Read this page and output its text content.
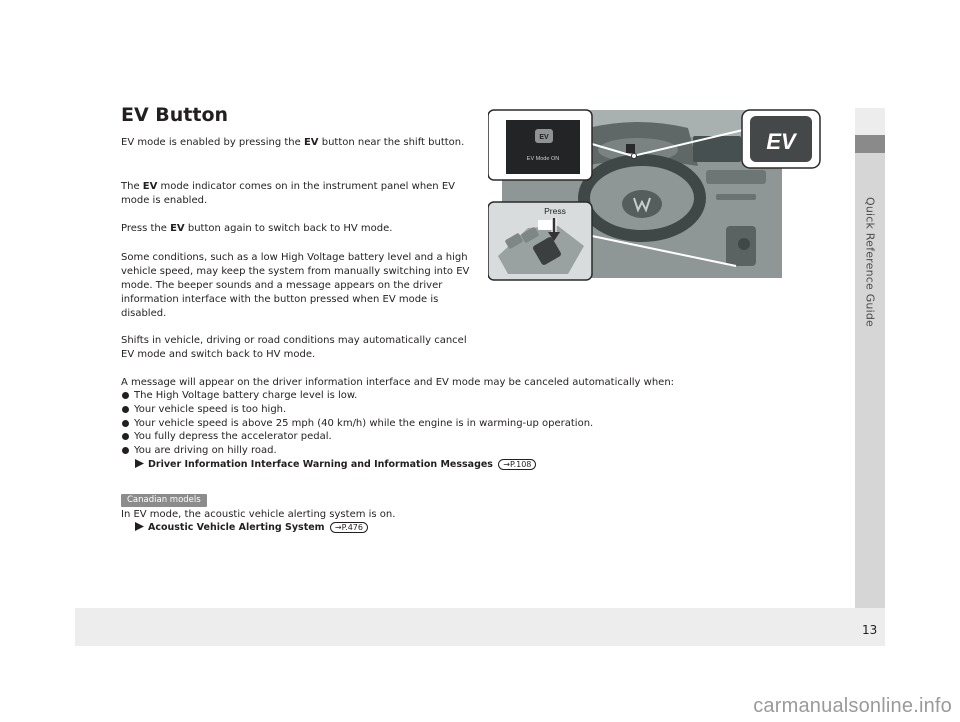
Quick Reference Guide
EV Button

EV mode is enabled by pressing the EV button near the shift button.

The EV mode indicator comes on in the instrument panel when EV mode is enabled.

Press the EV button again to switch back to HV mode.

Some conditions, such as a low High Voltage battery level and a high vehicle speed, may keep the system from manually switching into EV mode. The beeper sounds and a message appears on the driver information interface with the button pressed when EV mode is disabled.

Shifts in vehicle, driving or road conditions may automatically cancel EV mode and switch back to HV mode.

A message will appear on the driver information interface and EV mode may be canceled automatically when:

The High Voltage battery charge level is low.
Your vehicle speed is too high.
Your vehicle speed is above 25 mph (40 km/h) while the engine is in warming-up operation.
You fully depress the accelerator pedal.
You are driving on hilly road.
Driver Information Interface Warning and Information Messages →P.108
Canadian models

In EV mode, the acoustic vehicle alerting system is on.

Acoustic Vehicle Alerting System →P.476
EV
EV Mode ON
EV
Press
13
carmanualsonline.info
